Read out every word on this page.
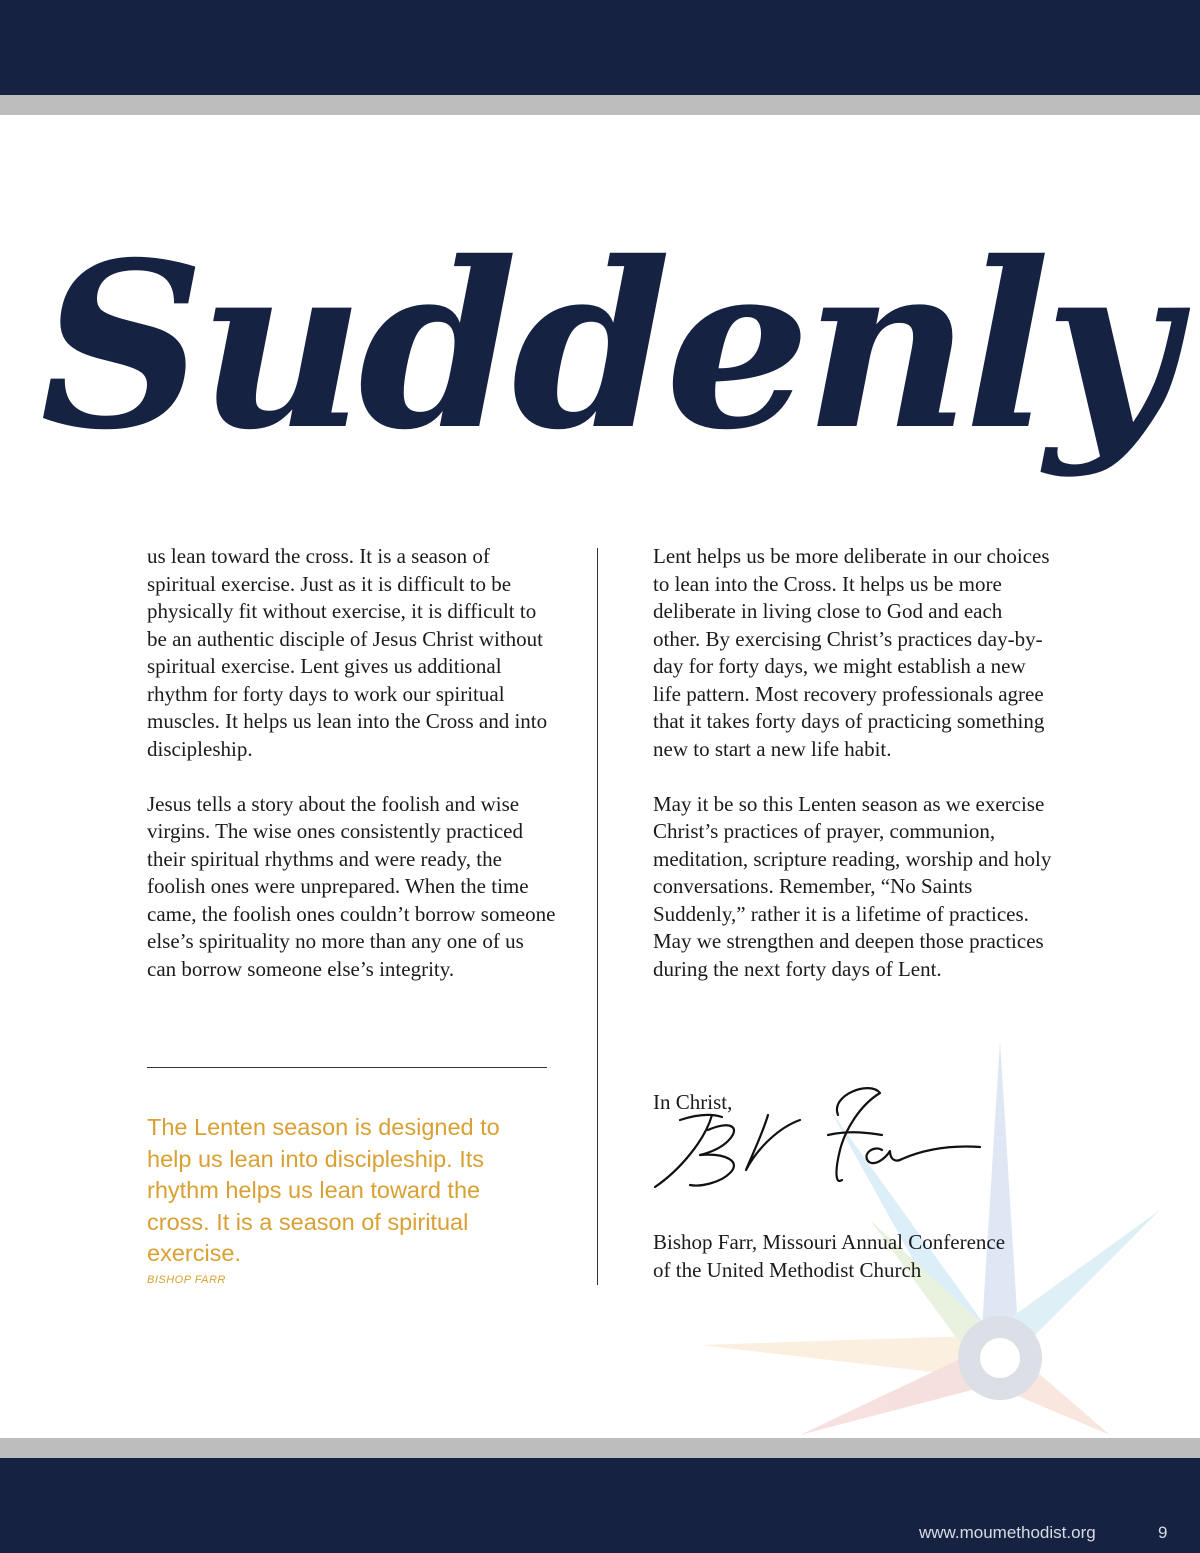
Suddenly

us lean toward the cross. It is a season of spiritual exercise. Just as it is difficult to be physically fit without exercise, it is difficult to be an authentic disciple of Jesus Christ without spiritual exercise. Lent gives us additional rhythm for forty days to work our spiritual muscles. It helps us lean into the Cross and into discipleship.

Jesus tells a story about the foolish and wise virgins. The wise ones consistently practiced their spiritual rhythms and were ready, the foolish ones were unprepared. When the time came, the foolish ones couldn’t borrow someone else’s spirituality no more than any one of us can borrow someone else’s integrity.

Lent helps us be more deliberate in our choices to lean into the Cross. It helps us be more deliberate in living close to God and each other. By exercising Christ’s practices day-by-day for forty days, we might establish a new life pattern. Most recovery professionals agree that it takes forty days of practicing something new to start a new life habit.

May it be so this Lenten season as we exercise Christ’s practices of prayer, communion, meditation, scripture reading, worship and holy conversations. Remember, “No Saints Suddenly,” rather it is a lifetime of practices. May we strengthen and deepen those practices during the next forty days of Lent.

The Lenten season is designed to help us lean into discipleship. Its rhythm helps us lean toward the cross. It is a season of spiritual exercise.
BISHOP FARR
In Christ,
Bishop Farr, Missouri Annual Conference
of the United Methodist Church
www.moumethodist.org	9
